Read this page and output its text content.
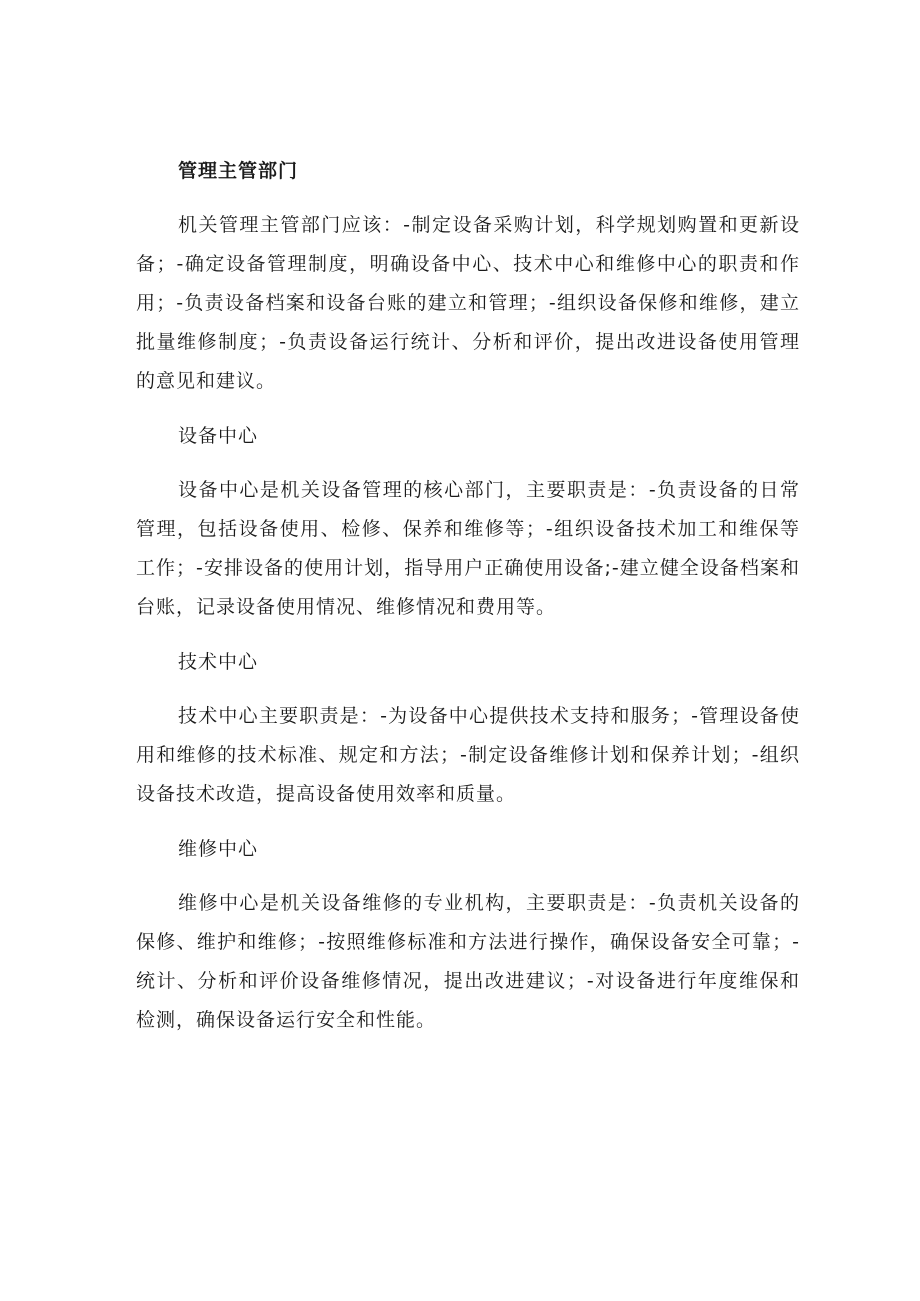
管理主管部门

机关管理主管部门应该：-制定设备采购计划，科学规划购置和更新设备；-确定设备管理制度，明确设备中心、技术中心和维修中心的职责和作用；-负责设备档案和设备台账的建立和管理；-组织设备保修和维修，建立批量维修制度；-负责设备运行统计、分析和评价，提出改进设备使用管理的意见和建议。

设备中心

设备中心是机关设备管理的核心部门，主要职责是：-负责设备的日常管理，包括设备使用、检修、保养和维修等；-组织设备技术加工和维保等工作；-安排设备的使用计划，指导用户正确使用设备;-建立健全设备档案和台账，记录设备使用情况、维修情况和费用等。

技术中心

技术中心主要职责是：-为设备中心提供技术支持和服务；-管理设备使用和维修的技术标准、规定和方法；-制定设备维修计划和保养计划；-组织设备技术改造，提高设备使用效率和质量。

维修中心

维修中心是机关设备维修的专业机构，主要职责是：-负责机关设备的保修、维护和维修；-按照维修标准和方法进行操作，确保设备安全可靠；-统计、分析和评价设备维修情况，提出改进建议；-对设备进行年度维保和检测，确保设备运行安全和性能。
